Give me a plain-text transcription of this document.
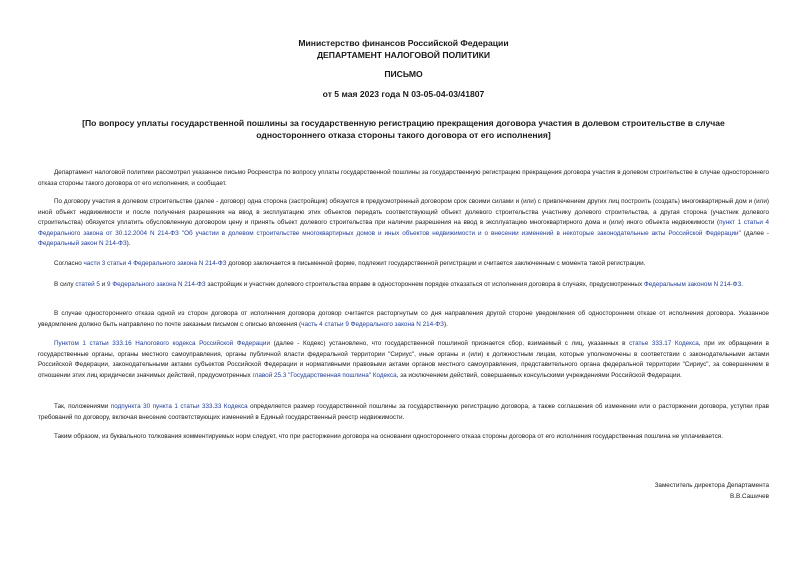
Министерство финансов Российской Федерации
ДЕПАРТАМЕНТ НАЛОГОВОЙ ПОЛИТИКИ
ПИСЬМО
от 5 мая 2023 года N 03-05-04-03/41807
[По вопросу уплаты государственной пошлины за государственную регистрацию прекращения договора участия в долевом строительстве в случае
одностороннего отказа стороны такого договора от его исполнения]

Департамент налоговой политики рассмотрел указанное письмо Росреестра по вопросу уплаты государственной пошлины за государственную регистрацию прекращения договора участия в долевом строительстве в случае одностороннего отказа стороны такого договора от его исполнения, и сообщает.

По договору участия в долевом строительстве (далее - договор) одна сторона (застройщик) обязуется в предусмотренный договором срок своими силами и (или) с привлечением других лиц построить (создать) многоквартирный дом и (или) иной объект недвижимости и после получения разрешения на ввод в эксплуатацию этих объектов передать соответствующий объект долевого строительства участнику долевого строительства, а другая сторона (участник долевого строительства) обязуется уплатить обусловленную договором цену и принять объект долевого строительства при наличии разрешения на ввод в эксплуатацию многоквартирного дома и (или) иного объекта недвижимости (пункт 1 статьи 4 Федерального закона от 30.12.2004 N 214-ФЗ "Об участии в долевом строительстве многоквартирных домов и иных объектов недвижимости и о внесении изменений в некоторые законодательные акты Российской Федерации" (далее - Федеральный закон N 214-ФЗ).

Согласно части 3 статьи 4 Федерального закона N 214-ФЗ договор заключается в письменной форме, подлежит государственной регистрации и считается заключенным с момента такой регистрации.

В силу статей 5 и 9 Федерального закона N 214-ФЗ застройщик и участник долевого строительства вправе в одностороннем порядке отказаться от исполнения договора в случаях, предусмотренных Федеральным законом N 214-ФЗ.

В случае одностороннего отказа одной из сторон договора от исполнения договора договор считается расторгнутым со дня направления другой стороне уведомления об одностороннем отказе от исполнения договора. Указанное уведомление должно быть направлено по почте заказным письмом с описью вложения (часть 4 статьи 9 Федерального закона N 214-ФЗ).

Пунктом 1 статьи 333.16 Налогового кодекса Российской Федерации (далее - Кодекс) установлено, что государственной пошлиной признается сбор, взимаемый с лиц, указанных в статье 333.17 Кодекса, при их обращении в государственные органы, органы местного самоуправления, органы публичной власти федеральной территории "Сириус", иные органы и (или) к должностным лицам, которые уполномочены в соответствии с законодательными актами Российской Федерации, законодательными актами субъектов Российской Федерации и нормативными правовыми актами органов местного самоуправления, представительного органа федеральной территории "Сириус", за совершением в отношении этих лиц юридически значимых действий, предусмотренных главой 25.3 "Государственная пошлина" Кодекса, за исключением действий, совершаемых консульскими учреждениями Российской Федерации.

Так, положениями подпункта 30 пункта 1 статьи 333.33 Кодекса определяется размер государственной пошлины за государственную регистрацию договора, а также соглашения об изменении или о расторжении договора, уступки прав требований по договору, включая внесение соответствующих изменений в Единый государственный реестр недвижимости.

Таким образом, из буквального толкования комментируемых норм следует, что при расторжении договора на основании одностороннего отказа стороны договора от его исполнения государственная пошлина не уплачивается.

Заместитель директора Департамента
В.В.Сашичев
